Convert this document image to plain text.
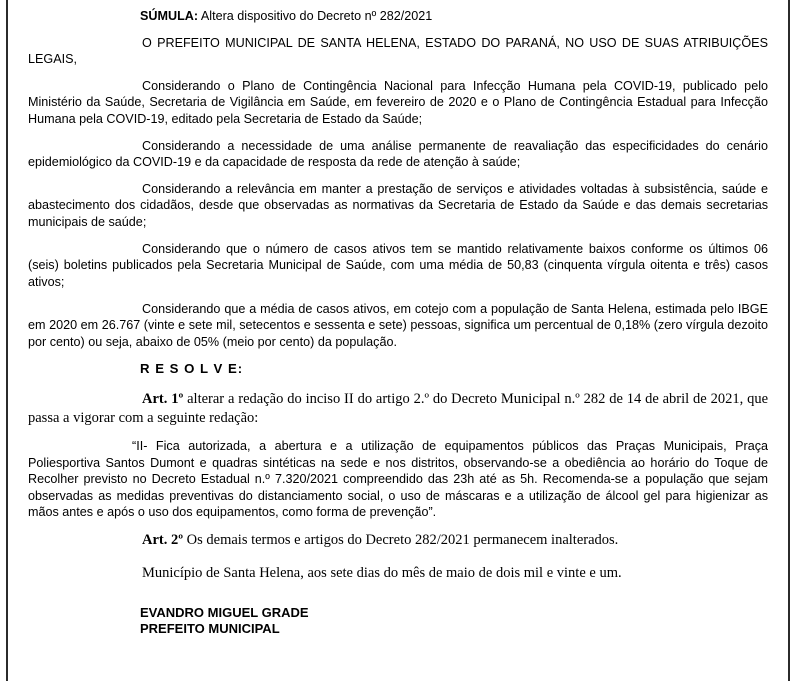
SÚMULA: Altera dispositivo do Decreto nº 282/2021

O PREFEITO MUNICIPAL DE SANTA HELENA, ESTADO DO PARANÁ, NO USO DE SUAS ATRIBUIÇÕES LEGAIS,

Considerando o Plano de Contingência Nacional para Infecção Humana pela COVID-19, publicado pelo Ministério da Saúde, Secretaria de Vigilância em Saúde, em fevereiro de 2020 e o Plano de Contingência Estadual para Infecção Humana pela COVID-19, editado pela Secretaria de Estado da Saúde;

Considerando a necessidade de uma análise permanente de reavaliação das especificidades do cenário epidemiológico da COVID-19 e da capacidade de resposta da rede de atenção à saúde;

Considerando a relevância em manter a prestação de serviços e atividades voltadas à subsistência, saúde e abastecimento dos cidadãos, desde que observadas as normativas da Secretaria de Estado da Saúde e das demais secretarias municipais de saúde;

Considerando que o número de casos ativos tem se mantido relativamente baixos conforme os últimos 06 (seis) boletins publicados pela Secretaria Municipal de Saúde, com uma média de 50,83 (cinquenta vírgula oitenta e três) casos ativos;

Considerando que a média de casos ativos, em cotejo com a população de Santa Helena, estimada pelo IBGE em 2020 em 26.767 (vinte e sete mil, setecentos e sessenta e sete) pessoas, significa um percentual de 0,18% (zero vírgula dezoito por cento) ou seja, abaixo de 05% (meio por cento) da população.

R E S O L V E:

Art. 1º alterar a redação do inciso II do artigo 2.º do Decreto Municipal n.º 282 de 14 de abril de 2021, que passa a vigorar com a seguinte redação:

“II- Fica autorizada, a abertura e a utilização de equipamentos públicos das Praças Municipais, Praça Poliesportiva Santos Dumont e quadras sintéticas na sede e nos distritos, observando-se a obediência ao horário do Toque de Recolher previsto no Decreto Estadual n.º 7.320/2021 compreendido das 23h até as 5h. Recomenda-se a população que sejam observadas as medidas preventivas do distanciamento social, o uso de máscaras e a utilização de álcool gel para higienizar as mãos antes e após o uso dos equipamentos, como forma de prevenção”.

Art. 2º Os demais termos e artigos do Decreto 282/2021 permanecem inalterados.

Município de Santa Helena, aos sete dias do mês de maio de dois mil e vinte e um.

EVANDRO MIGUEL GRADE
PREFEITO MUNICIPAL
